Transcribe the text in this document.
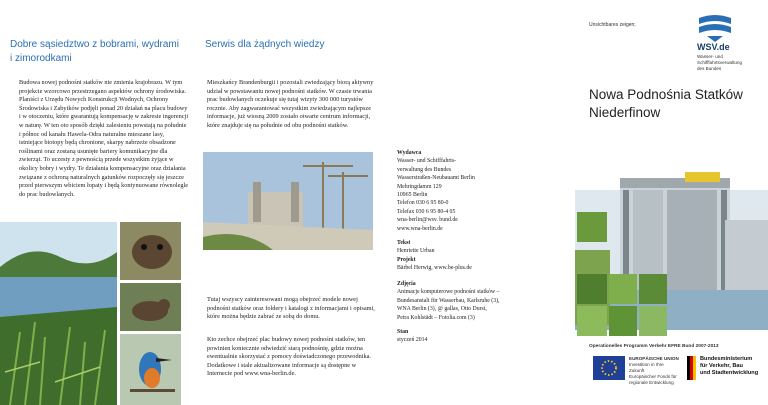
Dobre sąsiedztwo z bobrami, wydrami i zimorodkami
Budowa nowej podnośni statków nie zmienia krajobrazu. W tym projekcie wzorcowo przestrzegano aspektów ochrony środowiska. Planiści z Urzędu Nowych Konstrukcji Wodnych, Ochrony Środowiska i Zabytków podjęli ponad 20 działań na placu budowy i w otoczeniu, które gwarantują kompensację w zakresie ingerencji w naturę. W ten oto sposób dzięki zalesieniu powstają na południe i północ od kanału Hawela-Odra naturalne mieszane lasy, istniejące biotopy będą chronione, skarpy nabrzeże obsadzone roślinami oraz zostaną usunięte bariery komunikacyjne dla zwierząt. To uczesty z pewnością przede wszystkim żyjące w okolicy bobry i wydry. Te działania kompensacyjne oraz działania związane z ochroną naturalnych gatunków rozpoczęły się jeszcze przed pierwszym wbiciem łopaty i będą kontynuowane równolegle do prac budowlanych.
Serwis dla żądnych wiedzy
Mieszkańcy Brandenburgii i pozostali zwiedzający biorą aktywny udział w powstawaniu nowej podnośni statków. W czasie trwania prac budowlanych oczekuje się tutaj wizyty 300 000 turystów rocznie. Aby zagwarantować wszystkim zwiedzającym najlepsze informacje, już wiosną 2009 zostało otwarte centrum informacji, które znajduje się na południe od obu podnośni statków.
Tutaj wszyscy zainteresowani mogą obejrzeć modele nowej podnośni statków oraz foldery i katalogi z informacjami i opisami, które można będzie zabrać ze sobą do domu.
Kto zechce obejrzeć plac budowy nowej podnośni statków, ten powinien koniecznie odwiedzić starą podnośnię, gdzie można ewentualnie skorzystać z pomocy doświadczonego przewodnika. Dodatkowe i stale aktualizowane informacje są dostępne w Internecie pod www.wna-berlin.de.
Wydawca
Wasser- und Schifffahrts-
verwaltung des Bundes
Wasserstraßen-Neubauamt Berlin
Mehringdamm 129
10965 Berlin
Telefon 030 6 95 80-0
Telefax 030 6 95 80-4 05
wna-berlin@wsv. bund.de
www.wna-berlin.de
Tekst
Henriette Urban
Projekt
Bärbel Herwig, www.be-plus.de
Zdjęcia
Animacje komputerowe podnośni statków –
Bundesanstalt für Wasserbau, Karlsruhe (3),
WNA Berlin (3), @ gallas, Otto Durst,
Petra Kohlstädt – Fotolia.com (3)
Stan
styczeń 2014
Unsichtbares zeigen;
WSV.de
Wasser- und
Schifffahrtsverwaltung
des Bundes
Nowa Podnośnia Statków Niederfinow
Operationelles Programm Verkehr EFRE Bund 2007-2013
EUROPÄISCHE UNION
Investition in Ihre Zukunft
Europäischer Fonds für regionale Entwicklung
Bundesministerium
für Verkehr, Bau
und Stadtentwicklung
